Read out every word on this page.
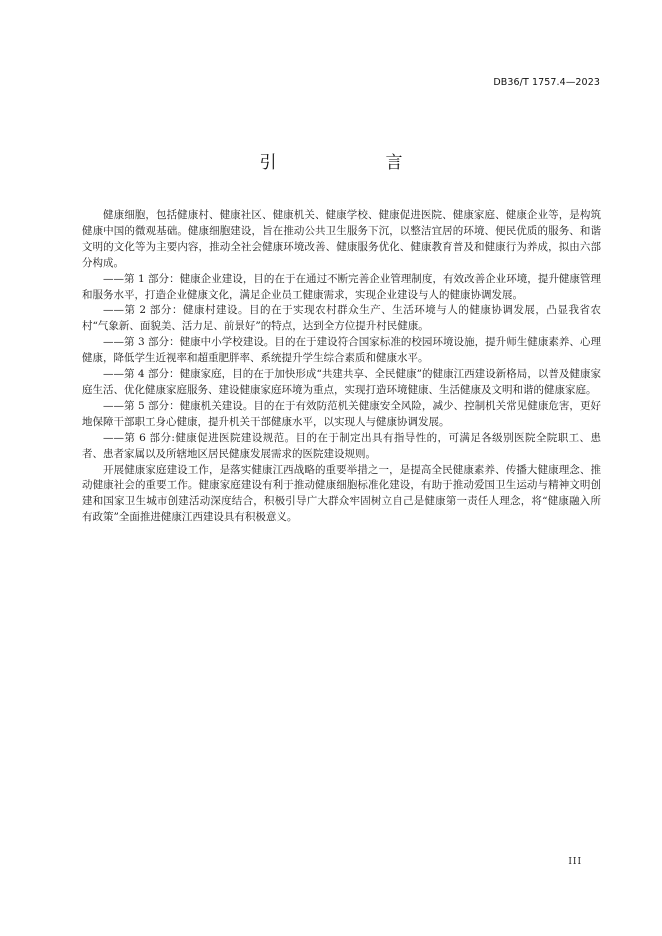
DB36/T 1757.4—2023
引　言

健康细胞，包括健康村、健康社区、健康机关、健康学校、健康促进医院、健康家庭、健康企业等，是构筑健康中国的微观基础。健康细胞建设，旨在推动公共卫生服务下沉，以整洁宜居的环境、便民优质的服务、和谐文明的文化等为主要内容，推动全社会健康环境改善、健康服务优化、健康教育普及和健康行为养成，拟由六部分构成。

——第 1 部分：健康企业建设，目的在于在通过不断完善企业管理制度，有效改善企业环境，提升健康管理和服务水平，打造企业健康文化，满足企业员工健康需求，实现企业建设与人的健康协调发展。

——第 2 部分：健康村建设。目的在于实现农村群众生产、生活环境与人的健康协调发展，凸显我省农村“气象新、面貌美、活力足、前景好”的特点，达到全方位提升村民健康。

——第 3 部分：健康中小学校建设。目的在于建设符合国家标准的校园环境设施，提升师生健康素养、心理健康，降低学生近视率和超重肥胖率、系统提升学生综合素质和健康水平。

——第 4 部分：健康家庭，目的在于加快形成“共建共享、全民健康”的健康江西建设新格局，以普及健康家庭生活、优化健康家庭服务、建设健康家庭环境为重点，实现打造环境健康、生活健康及文明和谐的健康家庭。

——第 5 部分：健康机关建设。目的在于有效防范机关健康安全风险，减少、控制机关常见健康危害，更好地保障干部职工身心健康，提升机关干部健康水平，以实现人与健康协调发展。

——第 6 部分:健康促进医院建设规范。目的在于制定出具有指导性的，可满足各级别医院全院职工、患者、患者家属以及所辖地区居民健康发展需求的医院建设规则。

开展健康家庭建设工作，是落实健康江西战略的重要举措之一，是提高全民健康素养、传播大健康理念、推动健康社会的重要工作。健康家庭建设有利于推动健康细胞标准化建设，有助于推动爱国卫生运动与精神文明创建和国家卫生城市创建活动深度结合，积极引导广大群众牢固树立自己是健康第一责任人理念，将“健康融入所有政策”全面推进健康江西建设具有积极意义。

III
